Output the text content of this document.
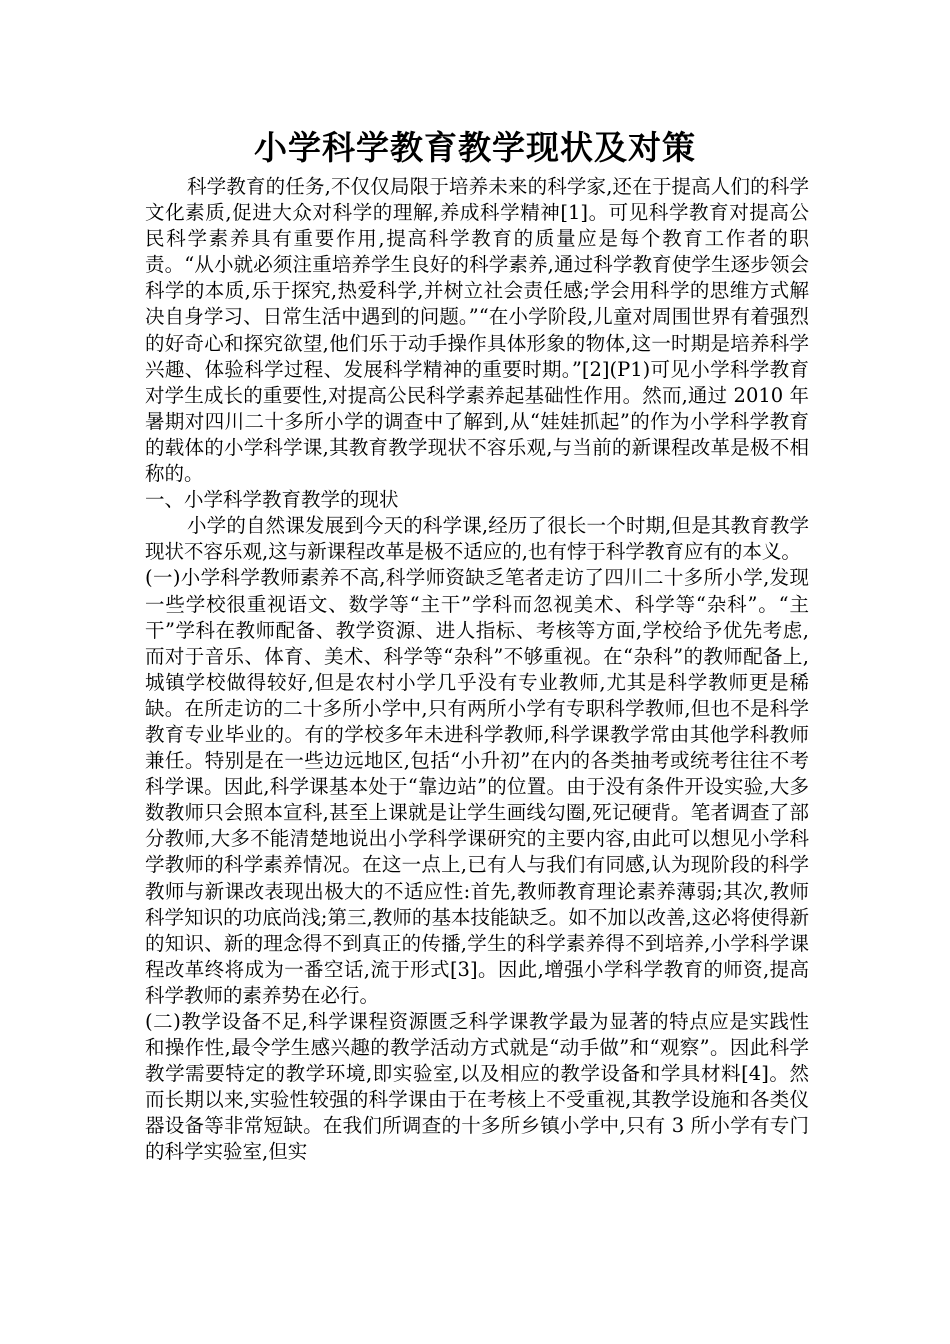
小学科学教育教学现状及对策

科学教育的任务,不仅仅局限于培养未来的科学家,还在于提高人们的科学文化素质,促进大众对科学的理解,养成科学精神[1]。可见科学教育对提高公民科学素养具有重要作用,提高科学教育的质量应是每个教育工作者的职责。“从小就必须注重培养学生良好的科学素养,通过科学教育使学生逐步领会科学的本质,乐于探究,热爱科学,并树立社会责任感;学会用科学的思维方式解决自身学习、日常生活中遇到的问题。”“在小学阶段,儿童对周围世界有着强烈的好奇心和探究欲望,他们乐于动手操作具体形象的物体,这一时期是培养科学兴趣、体验科学过程、发展科学精神的重要时期。”[2](P1)可见小学科学教育对学生成长的重要性,对提高公民科学素养起基础性作用。然而,通过 2010 年暑期对四川二十多所小学的调查中了解到,从“娃娃抓起”的作为小学科学教育的载体的小学科学课,其教育教学现状不容乐观,与当前的新课程改革是极不相称的。

一、小学科学教育教学的现状

小学的自然课发展到今天的科学课,经历了很长一个时期,但是其教育教学现状不容乐观,这与新课程改革是极不适应的,也有悖于科学教育应有的本义。

(一)小学科学教师素养不高,科学师资缺乏笔者走访了四川二十多所小学,发现一些学校很重视语文、数学等“主干”学科而忽视美术、科学等“杂科”。“主干”学科在教师配备、教学资源、进人指标、考核等方面,学校给予优先考虑,而对于音乐、体育、美术、科学等“杂科”不够重视。在“杂科”的教师配备上,城镇学校做得较好,但是农村小学几乎没有专业教师,尤其是科学教师更是稀缺。在所走访的二十多所小学中,只有两所小学有专职科学教师,但也不是科学教育专业毕业的。有的学校多年未进科学教师,科学课教学常由其他学科教师兼任。特别是在一些边远地区,包括“小升初”在内的各类抽考或统考往往不考科学课。因此,科学课基本处于“靠边站”的位置。由于没有条件开设实验,大多数教师只会照本宣科,甚至上课就是让学生画线勾圈,死记硬背。笔者调查了部分教师,大多不能清楚地说出小学科学课研究的主要内容,由此可以想见小学科学教师的科学素养情况。在这一点上,已有人与我们有同感,认为现阶段的科学教师与新课改表现出极大的不适应性:首先,教师教育理论素养薄弱;其次,教师科学知识的功底尚浅;第三,教师的基本技能缺乏。如不加以改善,这必将使得新的知识、新的理念得不到真正的传播,学生的科学素养得不到培养,小学科学课程改革终将成为一番空话,流于形式[3]。因此,增强小学科学教育的师资,提高科学教师的素养势在必行。

(二)教学设备不足,科学课程资源匮乏科学课教学最为显著的特点应是实践性和操作性,最令学生感兴趣的教学活动方式就是“动手做”和“观察”。因此科学教学需要特定的教学环境,即实验室,以及相应的教学设备和学具材料[4]。然而长期以来,实验性较强的科学课由于在考核上不受重视,其教学设施和各类仪器设备等非常短缺。在我们所调查的十多所乡镇小学中,只有 3 所小学有专门的科学实验室,但实
